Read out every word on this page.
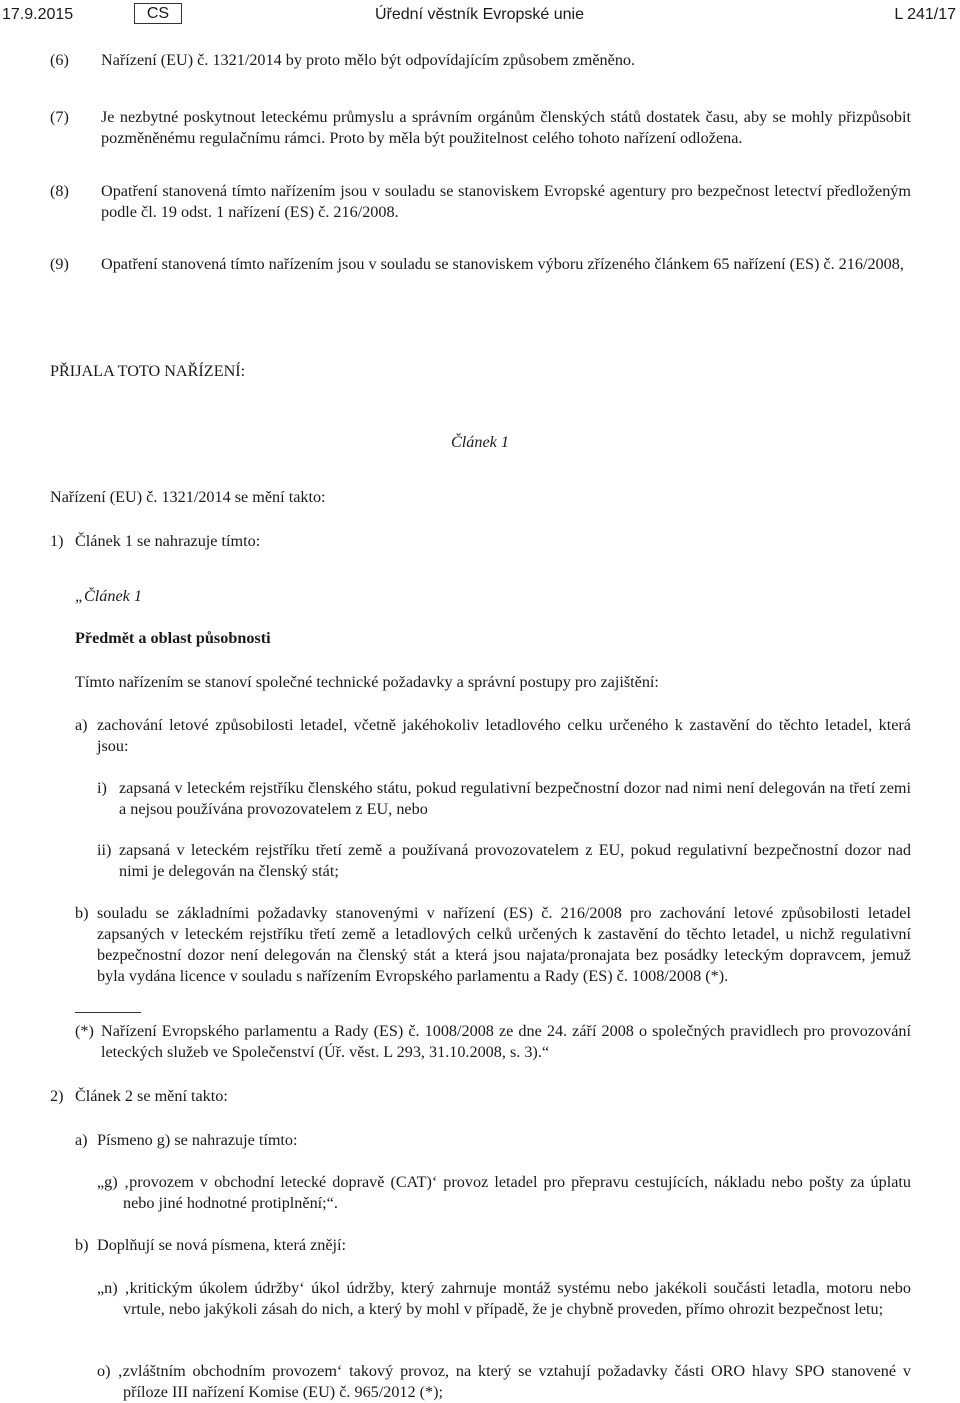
17.9.2015	CS	Úřední věstník Evropské unie	L 241/17
(6) Nařízení (EU) č. 1321/2014 by proto mělo být odpovídajícím způsobem změněno.
(7) Je nezbytné poskytnout leteckému průmyslu a správním orgánům členských států dostatek času, aby se mohly přizpůsobit pozměněnému regulačnímu rámci. Proto by měla být použitelnost celého tohoto nařízení odložena.
(8) Opatření stanovená tímto nařízením jsou v souladu se stanoviskem Evropské agentury pro bezpečnost letectví předloženým podle čl. 19 odst. 1 nařízení (ES) č. 216/2008.
(9) Opatření stanovená tímto nařízením jsou v souladu se stanoviskem výboru zřízeného článkem 65 nařízení (ES) č. 216/2008,
PŘIJALA TOTO NAŘÍZENÍ:
Článek 1
Nařízení (EU) č. 1321/2014 se mění takto:
1) Článek 1 se nahrazuje tímto:
„Článek 1
Předmět a oblast působnosti
Tímto nařízením se stanoví společné technické požadavky a správní postupy pro zajištění:
a) zachování letové způsobilosti letadel, včetně jakéhokoliv letadlového celku určeného k zastavění do těchto letadel, která jsou:
i) zapsaná v leteckém rejstříku členského státu, pokud regulativní bezpečnostní dozor nad nimi není delegován na třetí zemi a nejsou používána provozovatelem z EU, nebo
ii) zapsaná v leteckém rejstříku třetí země a používaná provozovatelem z EU, pokud regulativní bezpečnostní dozor nad nimi je delegován na členský stát;
b) souladu se základními požadavky stanovenými v nařízení (ES) č. 216/2008 pro zachování letové způsobilosti letadel zapsaných v leteckém rejstříku třetí země a letadlových celků určených k zastavění do těchto letadel, u nichž regulativní bezpečnostní dozor není delegován na členský stát a která jsou najata/pronajata bez posádky leteckým dopravcem, jemuž byla vydána licence v souladu s nařízením Evropského parlamentu a Rady (ES) č. 1008/2008 (*).
(*) Nařízení Evropského parlamentu a Rady (ES) č. 1008/2008 ze dne 24. září 2008 o společných pravidlech pro provozování leteckých služeb ve Společenství (Úř. věst. L 293, 31.10.2008, s. 3).“
2) Článek 2 se mění takto:
a) Písmeno g) se nahrazuje tímto:
„g) ‚provozem v obchodní letecké dopravě (CAT)‘ provoz letadel pro přepravu cestujících, nákladu nebo pošty za úplatu nebo jiné hodnotné protiplnění;“.
b) Doplňují se nová písmena, která znějí:
„n) ‚kritickým úkolem údržby‘ úkol údržby, který zahrnuje montáž systému nebo jakékoli součásti letadla, motoru nebo vrtule, nebo jakýkoli zásah do nich, a který by mohl v případě, že je chybně proveden, přímo ohrozit bezpečnost letu;
o) ‚zvláštním obchodním provozem‘ takový provoz, na který se vztahují požadavky části ORO hlavy SPO stanovené v příloze III nařízení Komise (EU) č. 965/2012 (*);
